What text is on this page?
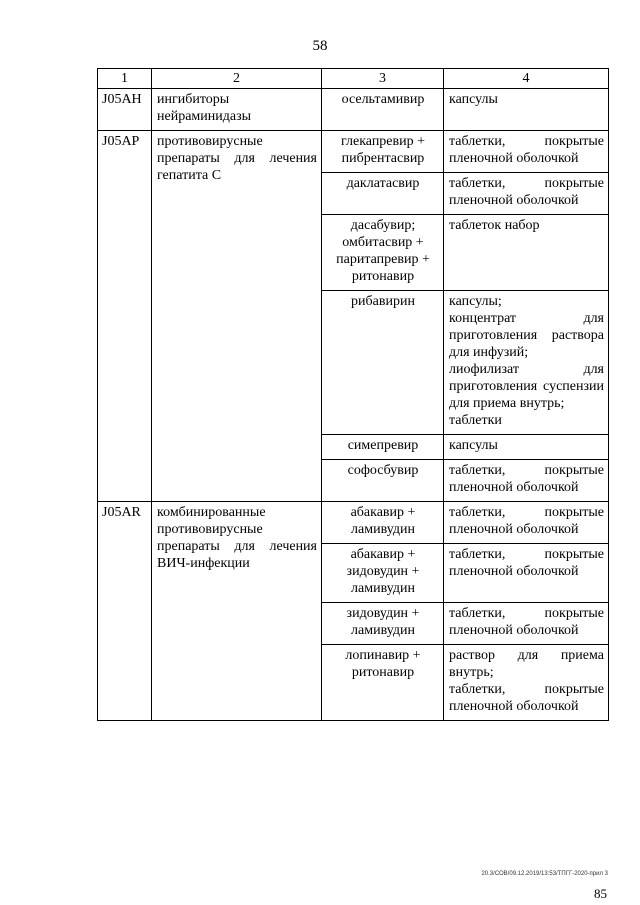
58
1	2	3	4
J05AH	ингибиторы нейраминидазы	осельтамивир	капсулы

J05AP	противовирусные препараты для лечения гепатита С	глекапревир +
пибрентасвир	таблетки, покрытые пленочной оболочкой

		даклатасвир	таблетки, покрытые пленочной оболочкой

		дасабувир;
омбитасвир +
паритапревир +
ритонавир	таблеток набор

		рибавирин	капсулы;
концентрат для приготовления раствора для инфузий;
лиофилизат для приготовления суспензии для приема внутрь;
таблетки

		симепревир	капсулы

		софосбувир	таблетки, покрытые пленочной оболочкой

J05AR	комбинированные противовирусные препараты для лечения ВИЧ-инфекции	абакавир +
ламивудин	таблетки, покрытые пленочной оболочкой

		абакавир +
зидовудин +
ламивудин	таблетки, покрытые пленочной оболочкой

		зидовудин +
ламивудин	таблетки, покрытые пленочной оболочкой

		лопинавир +
ритонавир	раствор для приема внутрь;
таблетки, покрытые пленочной оболочкой
20.3/СОВ/09.12.2019/13:53/ТПГГ-2020-прил 3
85
